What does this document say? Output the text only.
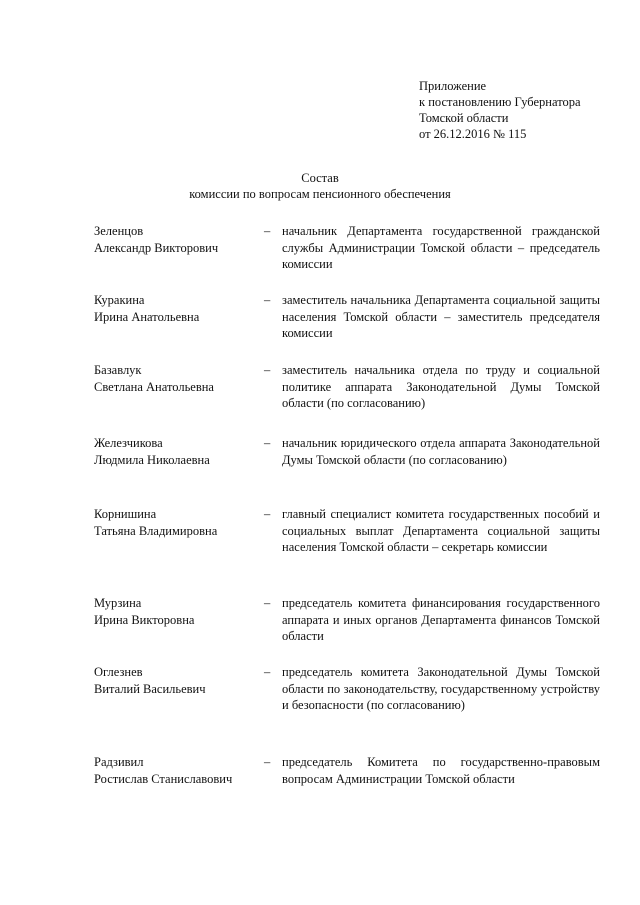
Приложение
к постановлению Губернатора
Томской области
от 26.12.2016 № 115
Состав
комиссии по вопросам пенсионного обеспечения
Зеленцов
Александр Викторович
– начальник Департамента государственной гражданской службы Администрации Томской области – председатель комиссии
Куракина
Ирина Анатольевна
– заместитель начальника Департамента социальной защиты населения Томской области – заместитель председателя комиссии
Базавлук
Светлана Анатольевна
– заместитель начальника отдела по труду и социальной политике аппарата Законодательной Думы Томской области (по согласованию)
Железчикова
Людмила Николаевна
– начальник юридического отдела аппарата Законодательной Думы Томской области (по согласованию)
Корнишина
Татьяна Владимировна
– главный специалист комитета государственных пособий и социальных выплат Департамента социальной защиты населения Томской области – секретарь комиссии
Мурзина
Ирина Викторовна
– председатель комитета финансирования государственного аппарата и иных органов Департамента финансов Томской области
Оглезнев
Виталий Васильевич
– председатель комитета Законодательной Думы Томской области по законодательству, государственному устройству и безопасности (по согласованию)
Радзивил
Ростислав Станиславович
– председатель Комитета по государственно-правовым вопросам Администрации Томской области
